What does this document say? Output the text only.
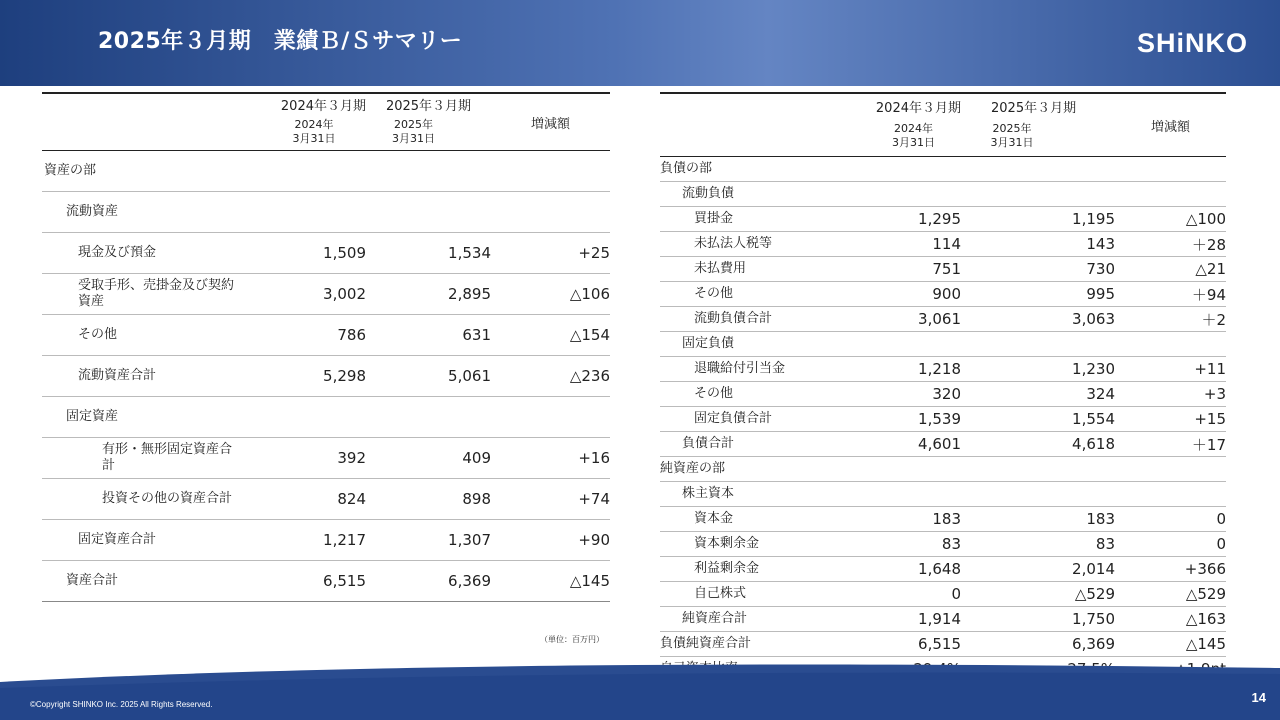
2025年３月期　業績Ｂ/Ｓサマリー	SHiNKO
	2024年３月期	2025年３月期	増減額
	2024年
3月31日	2025年
3月31日	
資産の部			
流動資産			
現金及び預金	1,509	1,534	+25
受取手形、売掛金及び契約
資産	3,002	2,895	△106
その他	786	631	△154
流動資産合計	5,298	5,061	△236
固定資産			
有形・無形固定資産合計	392	409	+16
投資その他の資産合計	824	898	+74
固定資産合計	1,217	1,307	+90
資産合計	6,515	6,369	△145
（単位：百万円）
	2024年３月期	2025年３月期	増減額
	2024年
3月31日	2025年
3月31日	
負債の部			
流動負債			
買掛金	1,295	1,195	△100
未払法人税等	114	143	＋28
未払費用	751	730	△21
その他	900	995	＋94
流動負債合計	3,061	3,063	＋2
固定負債			
退職給付引当金	1,218	1,230	+11
その他	320	324	+3
固定負債合計	1,539	1,554	+15
負債合計	4,601	4,618	＋17
純資産の部			
株主資本			
資本金	183	183	0
資本剰余金	83	83	0
利益剰余金	1,648	2,014	+366
自己株式	0	△529	△529
純資産合計	1,914	1,750	△163
負債純資産合計	6,515	6,369	△145

©Copyright SHINKO Inc. 2025 All Rights Reserved.	14
